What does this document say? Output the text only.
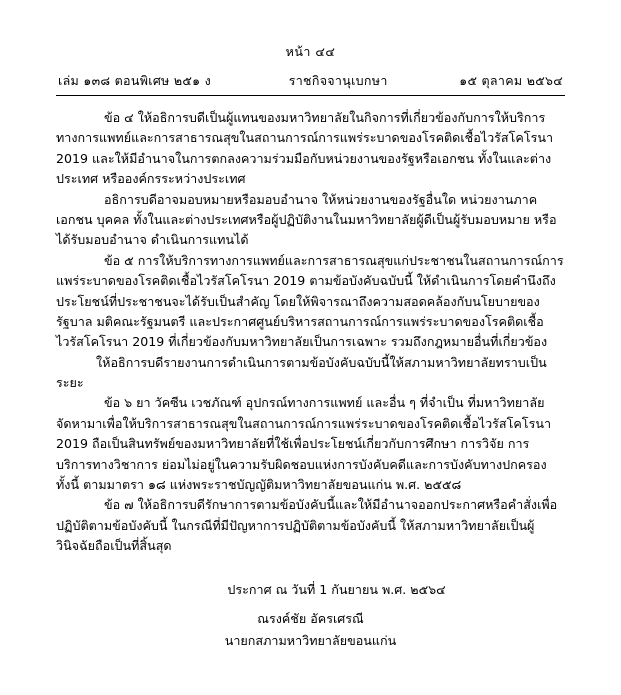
หน้า ๔๔
เล่ม ๑๓๘ ตอนพิเศษ ๒๕๑ ง	ราชกิจจานุเบกษา	๑๕ ตุลาคม ๒๕๖๔

ข้อ ๔ ให้อธิการบดีเป็นผู้แทนของมหาวิทยาลัยในกิจการที่เกี่ยวข้องกับการให้บริการทางการแพทย์และการสาธารณสุขในสถานการณ์การแพร่ระบาดของโรคติดเชื้อไวรัสโคโรนา 2019 และให้มีอำนาจในการตกลงความร่วมมือกับหน่วยงานของรัฐหรือเอกชน ทั้งในและต่างประเทศ หรือองค์กรระหว่างประเทศ

อธิการบดีอาจมอบหมายหรือมอบอำนาจ ให้หน่วยงานของรัฐอื่นใด หน่วยงานภาคเอกชน บุคคล ทั้งในและต่างประเทศหรือผู้ปฏิบัติงานในมหาวิทยาลัยผู้ดีเป็นผู้รับมอบหมาย หรือได้รับมอบอำนาจ ดำเนินการแทนได้

ข้อ ๕ การให้บริการทางการแพทย์และการสาธารณสุขแก่ประชาชนในสถานการณ์การแพร่ระบาดของโรคติดเชื้อไวรัสโคโรนา 2019 ตามข้อบังคับฉบับนี้ ให้ดำเนินการโดยคำนึงถึงประโยชน์ที่ประชาชนจะได้รับเป็นสำคัญ โดยให้พิจารณาถึงความสอดคล้องกับนโยบายของรัฐบาล มติคณะรัฐมนตรี และประกาศศูนย์บริหารสถานการณ์การแพร่ระบาดของโรคติดเชื้อไวรัสโคโรนา 2019 ที่เกี่ยวข้องกับมหาวิทยาลัยเป็นการเฉพาะ รวมถึงกฎหมายอื่นที่เกี่ยวข้อง

ให้อธิการบดีรายงานการดำเนินการตามข้อบังคับฉบับนี้ให้สภามหาวิทยาลัยทราบเป็นระยะ

ข้อ ๖ ยา วัคซีน เวชภัณฑ์ อุปกรณ์ทางการแพทย์ และอื่น ๆ ที่จำเป็น ที่มหาวิทยาลัยจัดหามาเพื่อให้บริการสาธารณสุขในสถานการณ์การแพร่ระบาดของโรคติดเชื้อไวรัสโคโรนา 2019 ถือเป็นสินทรัพย์ของมหาวิทยาลัยที่ใช้เพื่อประโยชน์เกี่ยวกับการศึกษา การวิจัย การบริการทางวิชาการ ย่อมไม่อยู่ในความรับผิดชอบแห่งการบังคับคดีและการบังคับทางปกครอง ทั้งนี้ ตามมาตรา ๑๘ แห่งพระราชบัญญัติมหาวิทยาลัยขอนแก่น พ.ศ. ๒๕๕๘

ข้อ ๗ ให้อธิการบดีรักษาการตามข้อบังคับนี้และให้มีอำนาจออกประกาศหรือคำสั่งเพื่อปฏิบัติตามข้อบังคับนี้ ในกรณีที่มีปัญหาการปฏิบัติตามข้อบังคับนี้ ให้สภามหาวิทยาลัยเป็นผู้วินิจฉัยถือเป็นที่สิ้นสุด

ประกาศ ณ วันที่ 1 กันยายน พ.ศ. ๒๕๖๔
ณรงค์ชัย อัครเศรณี
นายกสภามหาวิทยาลัยขอนแก่น
